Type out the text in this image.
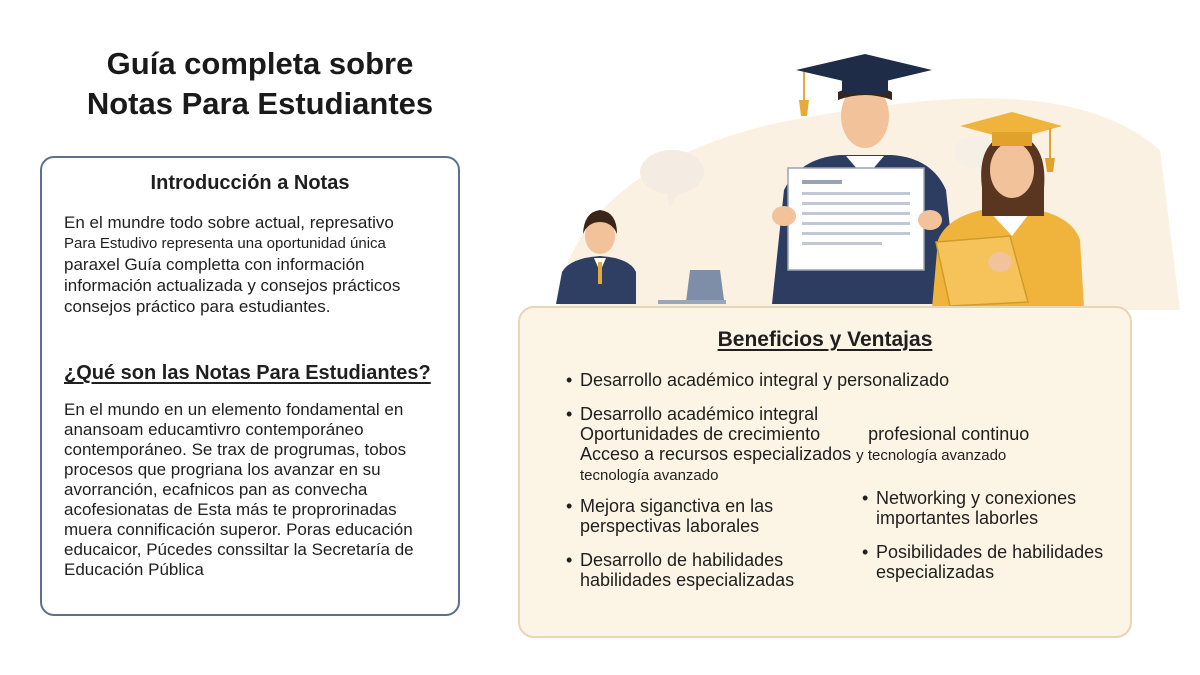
Guía completa sobre
Notas Para Estudiantes
Introducción a Notas
En el mundre todo sobre actual, represativo
Para Estudivo representa una oportunidad única
paraxel Guía completta con información
información actualizada y consejos prácticos
consejos práctico para estudiantes.
¿Qué son las Notas Para Estudiantes?
En el mundo en un elemento fondamental en
anansoam educamtivro contemporáneo
contemporáneo. Se trax de progrumas, tobos
procesos que progriana los avanzar en su
avorranción, ecafnicos pan as convecha
acofesionatas de Esta más te proprorinadas
muera connificación superor. Poras educación
educaicor, Púcedes conssiltar la Secretaría de
Educación Pública
Beneficios y Ventajas
• Desarrollo académico integral y personalizado
• Desarrollo académico integral
Oportunidades de crecimiento	profesional continuo
Acceso a recursos especializados y tecnología avanzado
tecnología avanzado
• Mejora siganctiva en las
perspectivas laborales
• Networking y conexiones
importantes laborles
• Desarrollo de habilidades
habilidades especializadas
• Posibilidades de habilidades
especializadas
